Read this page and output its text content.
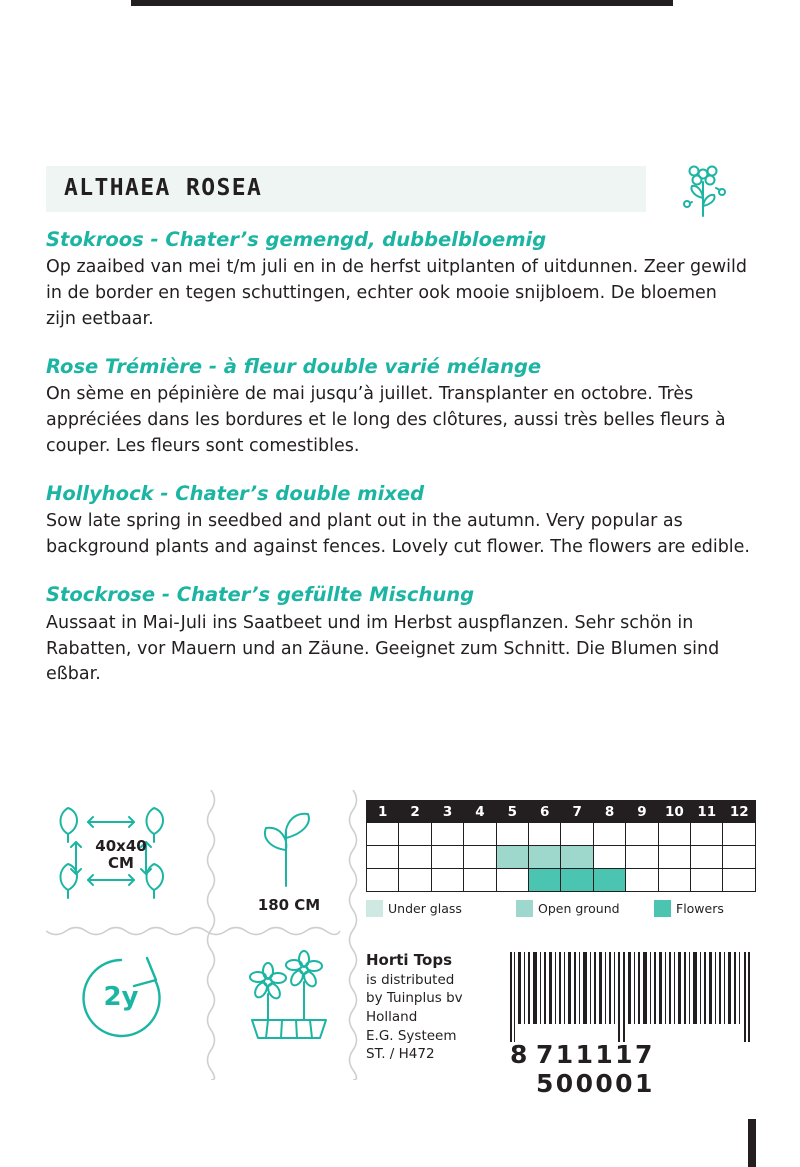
ALTHAEA ROSEA

Stokroos - Chater’s gemengd, dubbelbloemig

Op zaaibed van mei t/m juli en in de herfst uitplanten of uitdunnen. Zeer gewild in de border en tegen schuttingen, echter ook mooie snijbloem. De bloemen zijn eetbaar.

Rose Trémière - à fleur double varié mélange

On sème en pépinière de mai jusqu’à juillet. Transplanter en octobre. Très appréciées dans les bordures et le long des clôtures, aussi très belles fleurs à couper. Les fleurs sont comestibles.

Hollyhock - Chater’s double mixed

Sow late spring in seedbed and plant out in the autumn. Very popular as background plants and against fences. Lovely cut flower. The flowers are edible.

Stockrose - Chater’s gefüllte Mischung

Aussaat in Mai-Juli ins Saatbeet und im Herbst auspflanzen. Sehr schön in Rabatten, vor Mauern und an Zäune. Geeignet zum Schnitt. Die Blumen sind eßbar.

40x40
CM
180 CM
2y
1	2	3	4	5	6	7	8	9	10	11	12

Under glass	Open ground	Flowers
Horti Tops
is distributed
by Tuinplus bv
Holland
E.G. Systeem
ST. / H472	8 711117 500001
